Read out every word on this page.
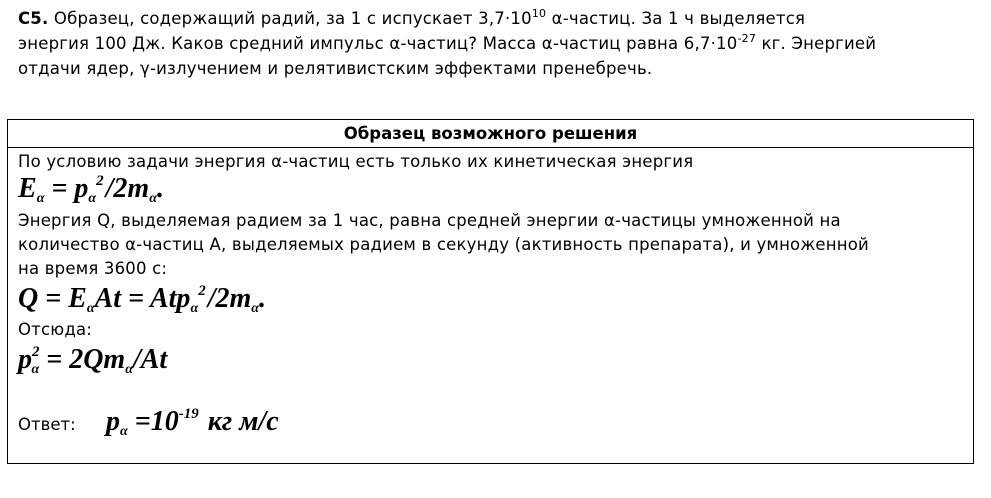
С5. Образец, содержащий радий, за 1 с испускает $3,7\cdot 10^{10}$ α-частиц. За 1 ч выделяется
энергия 100 Дж. Каков средний импульс α-частиц? Масса α-частиц равна $6,7\cdot 10^{-27}$ кг. Энергией
отдачи ядер, γ-излучением и релятивистским эффектами пренебречь.
Образец возможного решения
По условию задачи энергия α-частиц есть только их кинетическая энергия
$E_\alpha = p_\alpha^2/2m_\alpha$.
Энергия Q, выделяемая радием за 1 час, равна средней энергии α-частицы умноженной на
количество α-частиц А, выделяемых радием в секунду (активность препарата), и умноженной
на время 3600 с:
$Q = E_\alpha At = Atp_\alpha^2/2m_\alpha$.
Отсюда:
$p^2_\alpha = 2Qm_\alpha/At$
Ответ: $p_\alpha =10^{-19}$ кг м/с
